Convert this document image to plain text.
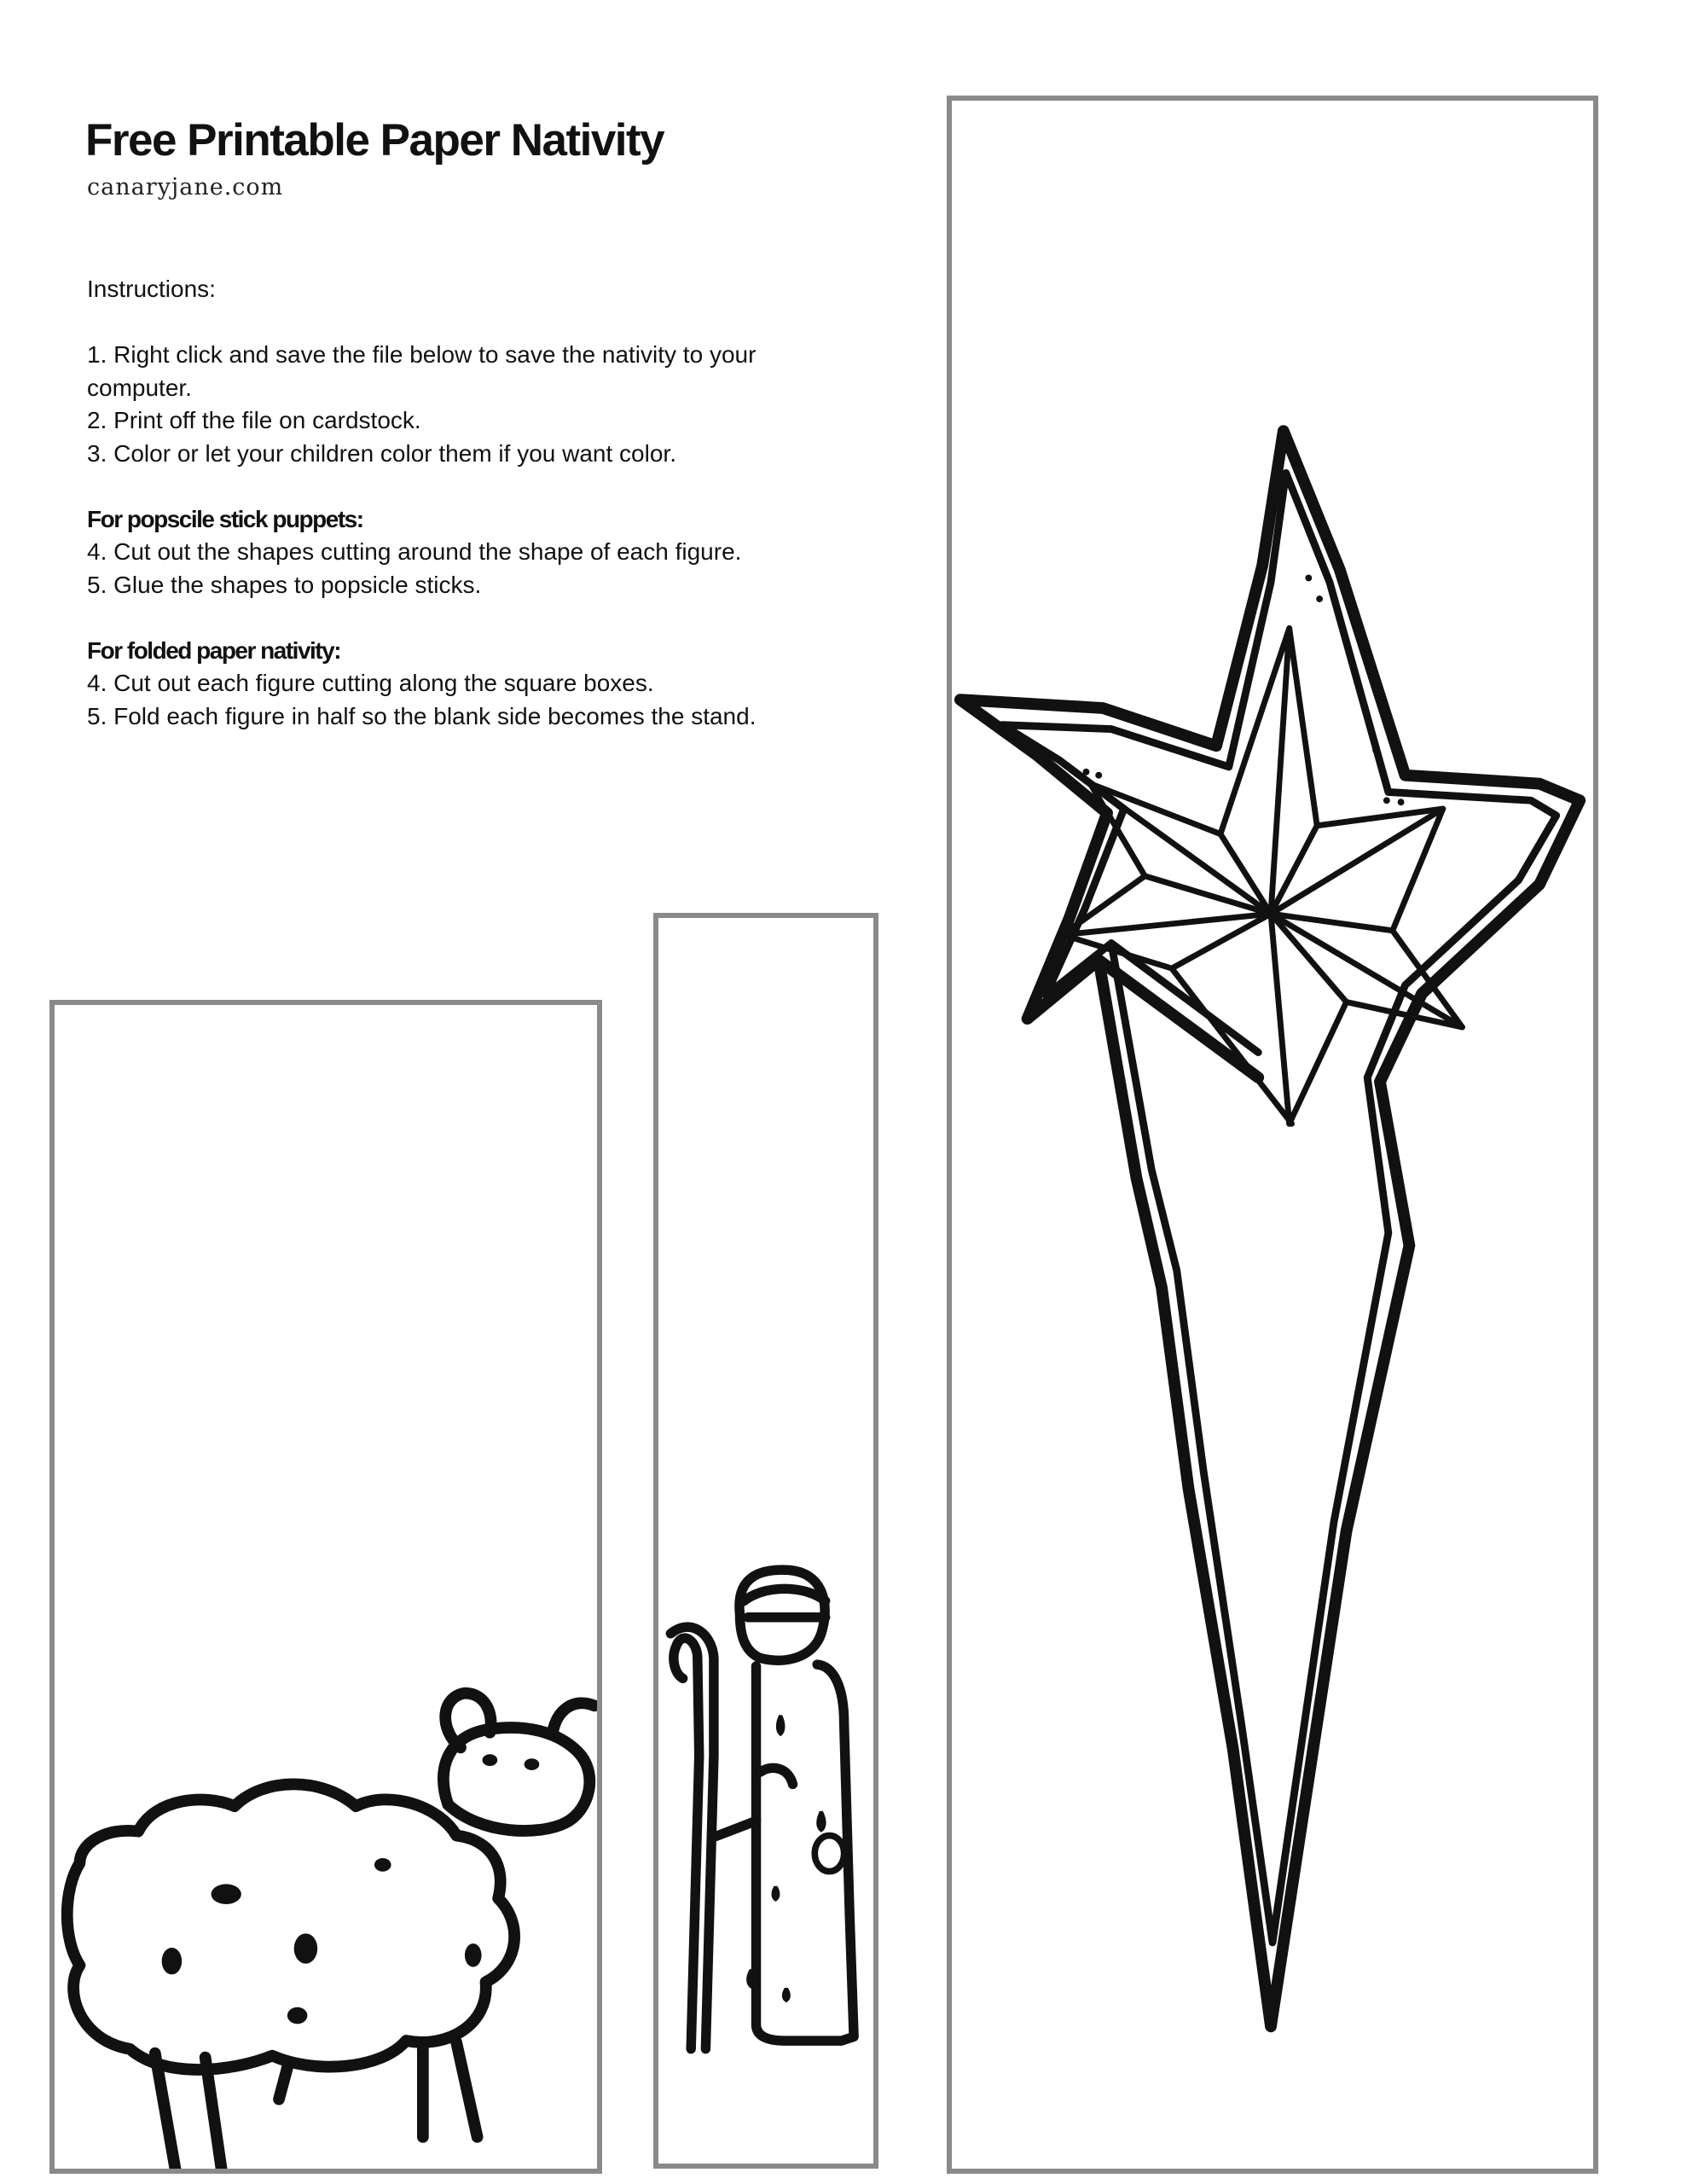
Free Printable Paper Nativity
canaryjane.com

Instructions:

1. Right click and save the file below to save the nativity to your computer.

2. Print off the file on cardstock.

3. Color or let your children color them if you want color.

For popscile stick puppets:

4. Cut out the shapes cutting around the shape of each figure.

5. Glue the shapes to popsicle sticks.

For folded paper nativity:

4. Cut out each figure cutting along the square boxes.

5. Fold each figure in half so the blank side becomes the stand.
